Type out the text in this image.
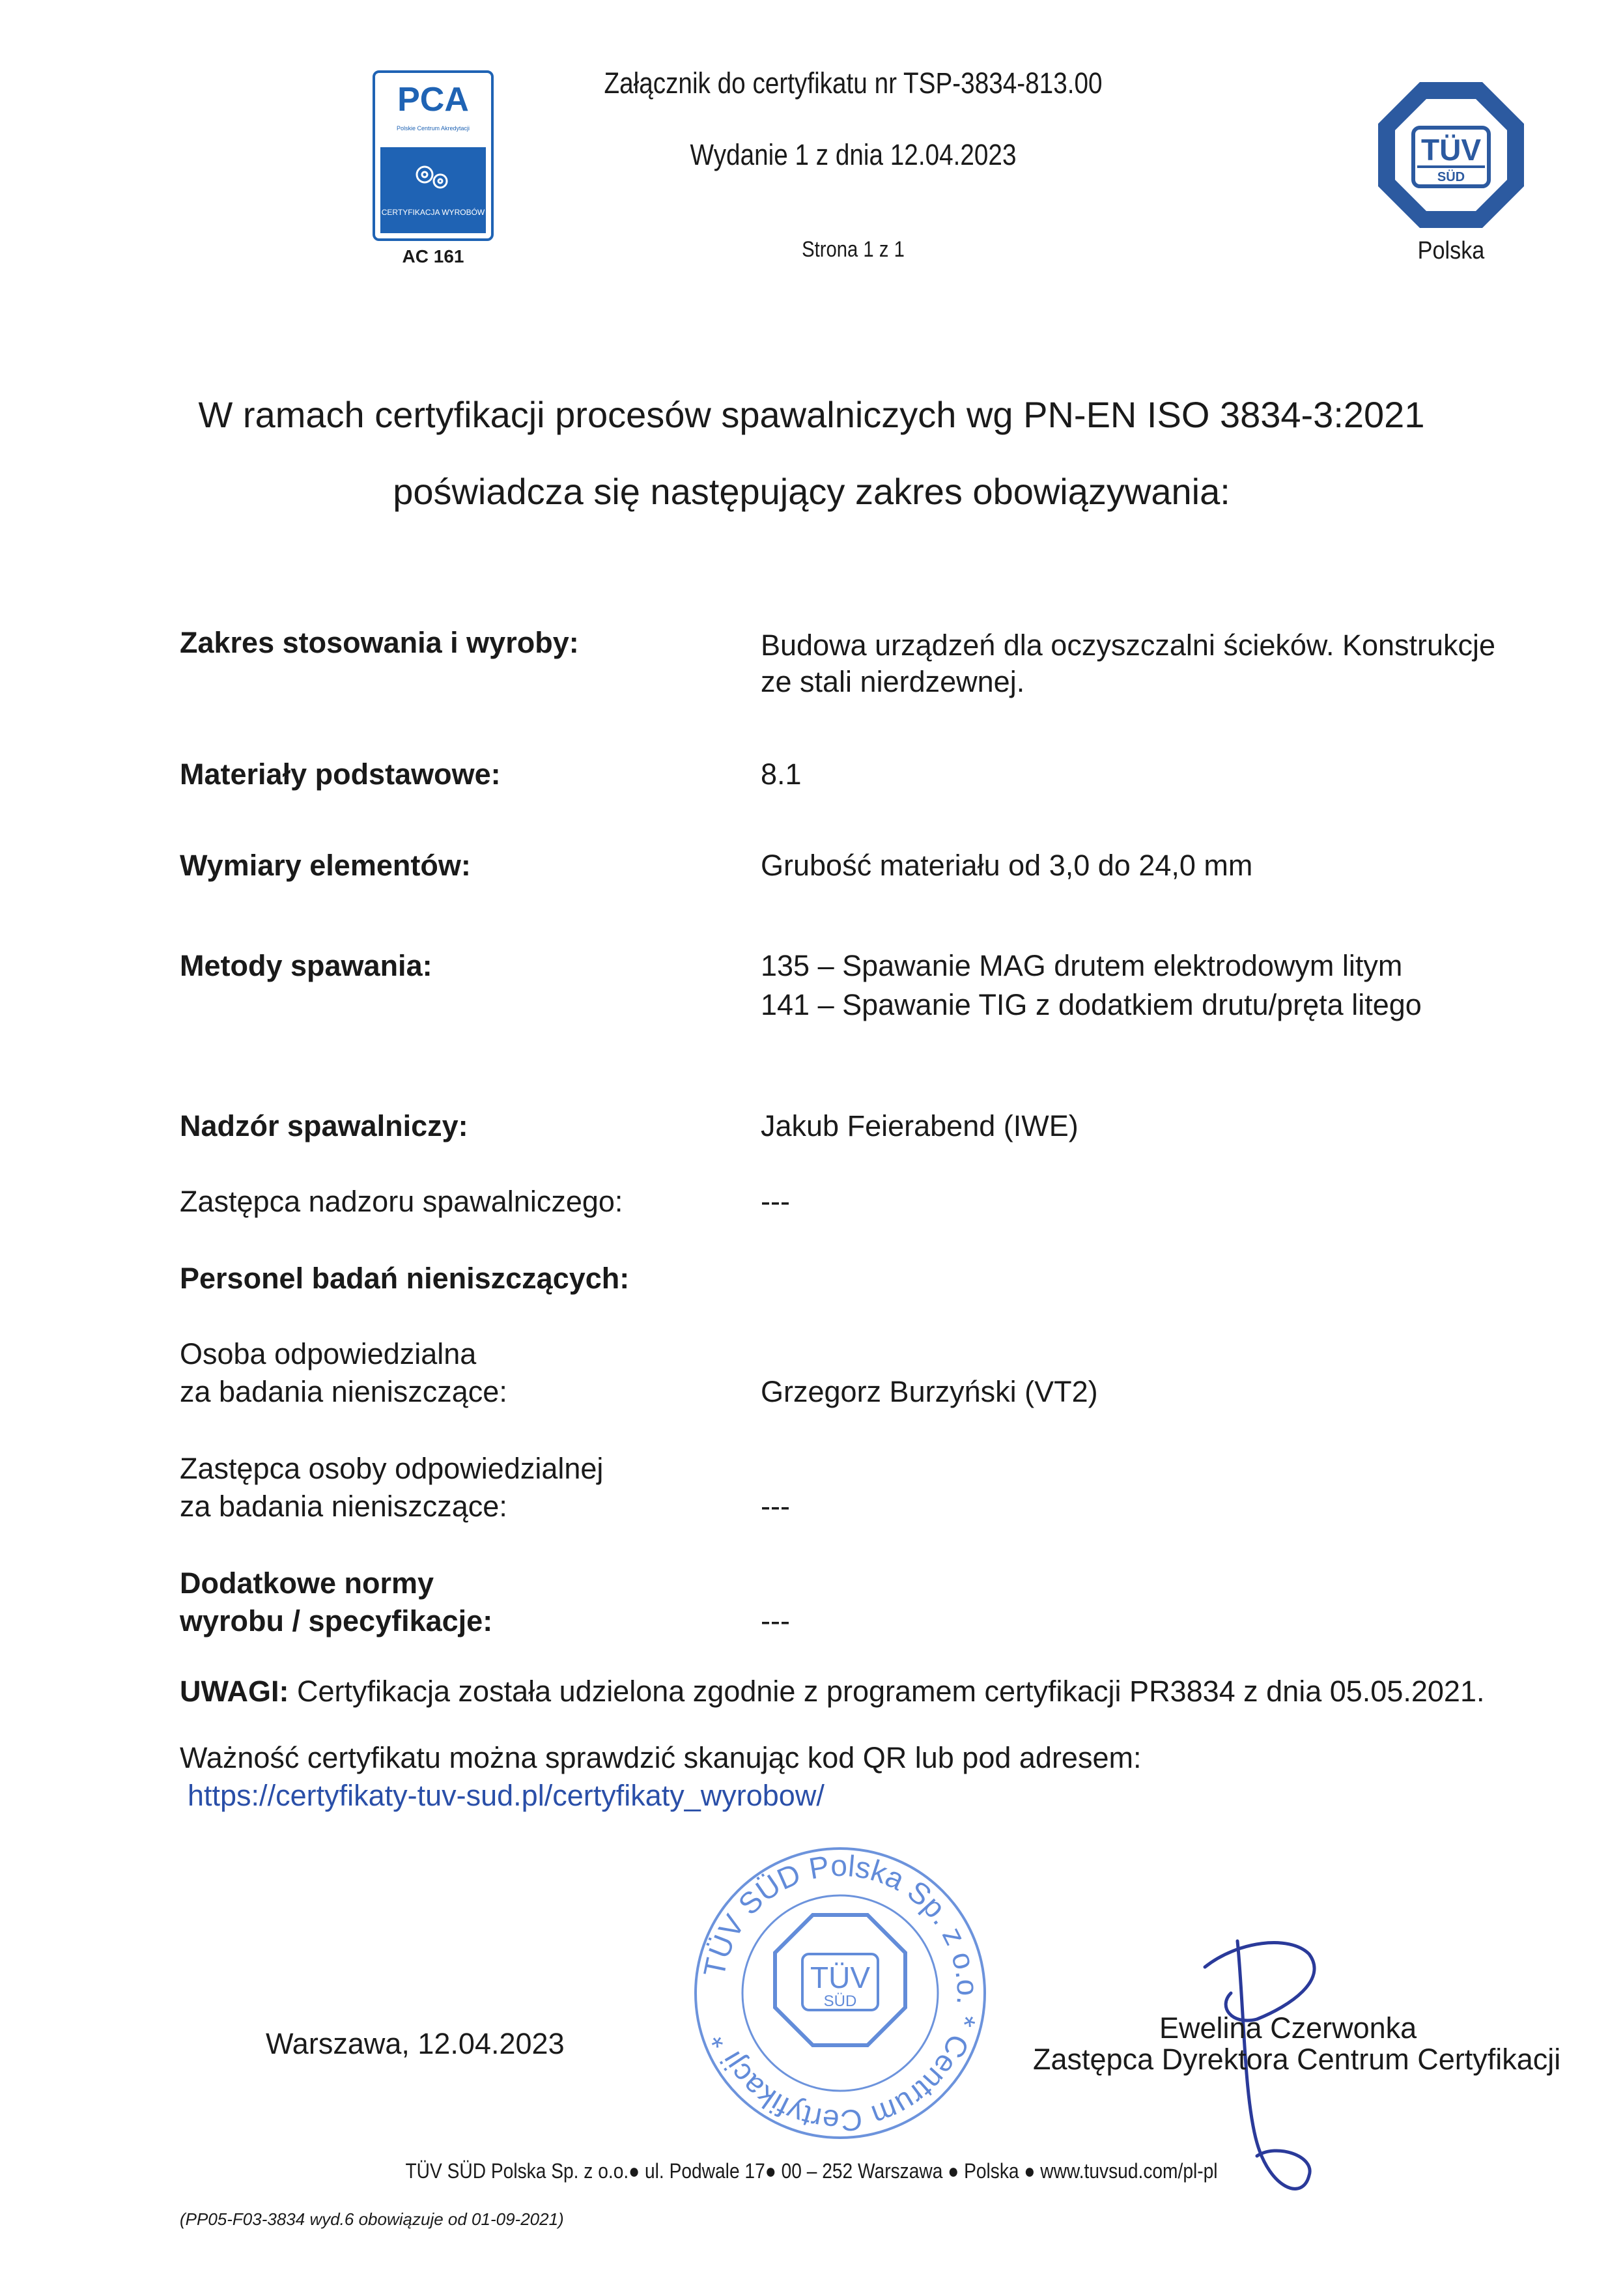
PCA
Polskie Centrum Akredytacji
CERTYFIKACJA WYROBÓW
AC 161
Załącznik do certyfikatu nr TSP-3834-813.00
Wydanie 1 z dnia 12.04.2023
Strona 1 z 1
TÜV
SÜD
Polska
W ramach certyfikacji procesów spawalniczych wg PN-EN ISO 3834-3:2021
poświadcza się następujący zakres obowiązywania:
Zakres stosowania i wyroby:	Budowa urządzeń dla oczyszczalni ścieków. Konstrukcje
ze stali nierdzewnej.
Materiały podstawowe:	8.1
Wymiary elementów:	Grubość materiału od 3,0 do 24,0 mm
Metody spawania:	135 – Spawanie MAG drutem elektrodowym litym
141 – Spawanie TIG z dodatkiem drutu/pręta litego
Nadzór spawalniczy:	Jakub Feierabend (IWE)
Zastępca nadzoru spawalniczego:	---
Personel badań nieniszczących:
Osoba odpowiedzialna
za badania nieniszczące:	Grzegorz Burzyński (VT2)
Zastępca osoby odpowiedzialnej
za badania nieniszczące:	---
Dodatkowe normy
wyrobu / specyfikacje:	---
UWAGI: Certyfikacja została udzielona zgodnie z programem certyfikacji PR3834 z dnia 05.05.2021.
Ważność certyfikatu można sprawdzić skanując kod QR lub pod adresem:
https://certyfikaty-tuv-sud.pl/certyfikaty_wyrobow/
TÜV SÜD Polska Sp. z o.o. * Centrum Certyfikacji *
TÜV
SÜD
Warszawa, 12.04.2023	Ewelina Czerwonka
Zastępca Dyrektora Centrum Certyfikacji
TÜV SÜD Polska Sp. z o.o.● ul. Podwale 17● 00 – 252 Warszawa ● Polska ● www.tuvsud.com/pl-pl
(PP05-F03-3834 wyd.6 obowiązuje od 01-09-2021)
